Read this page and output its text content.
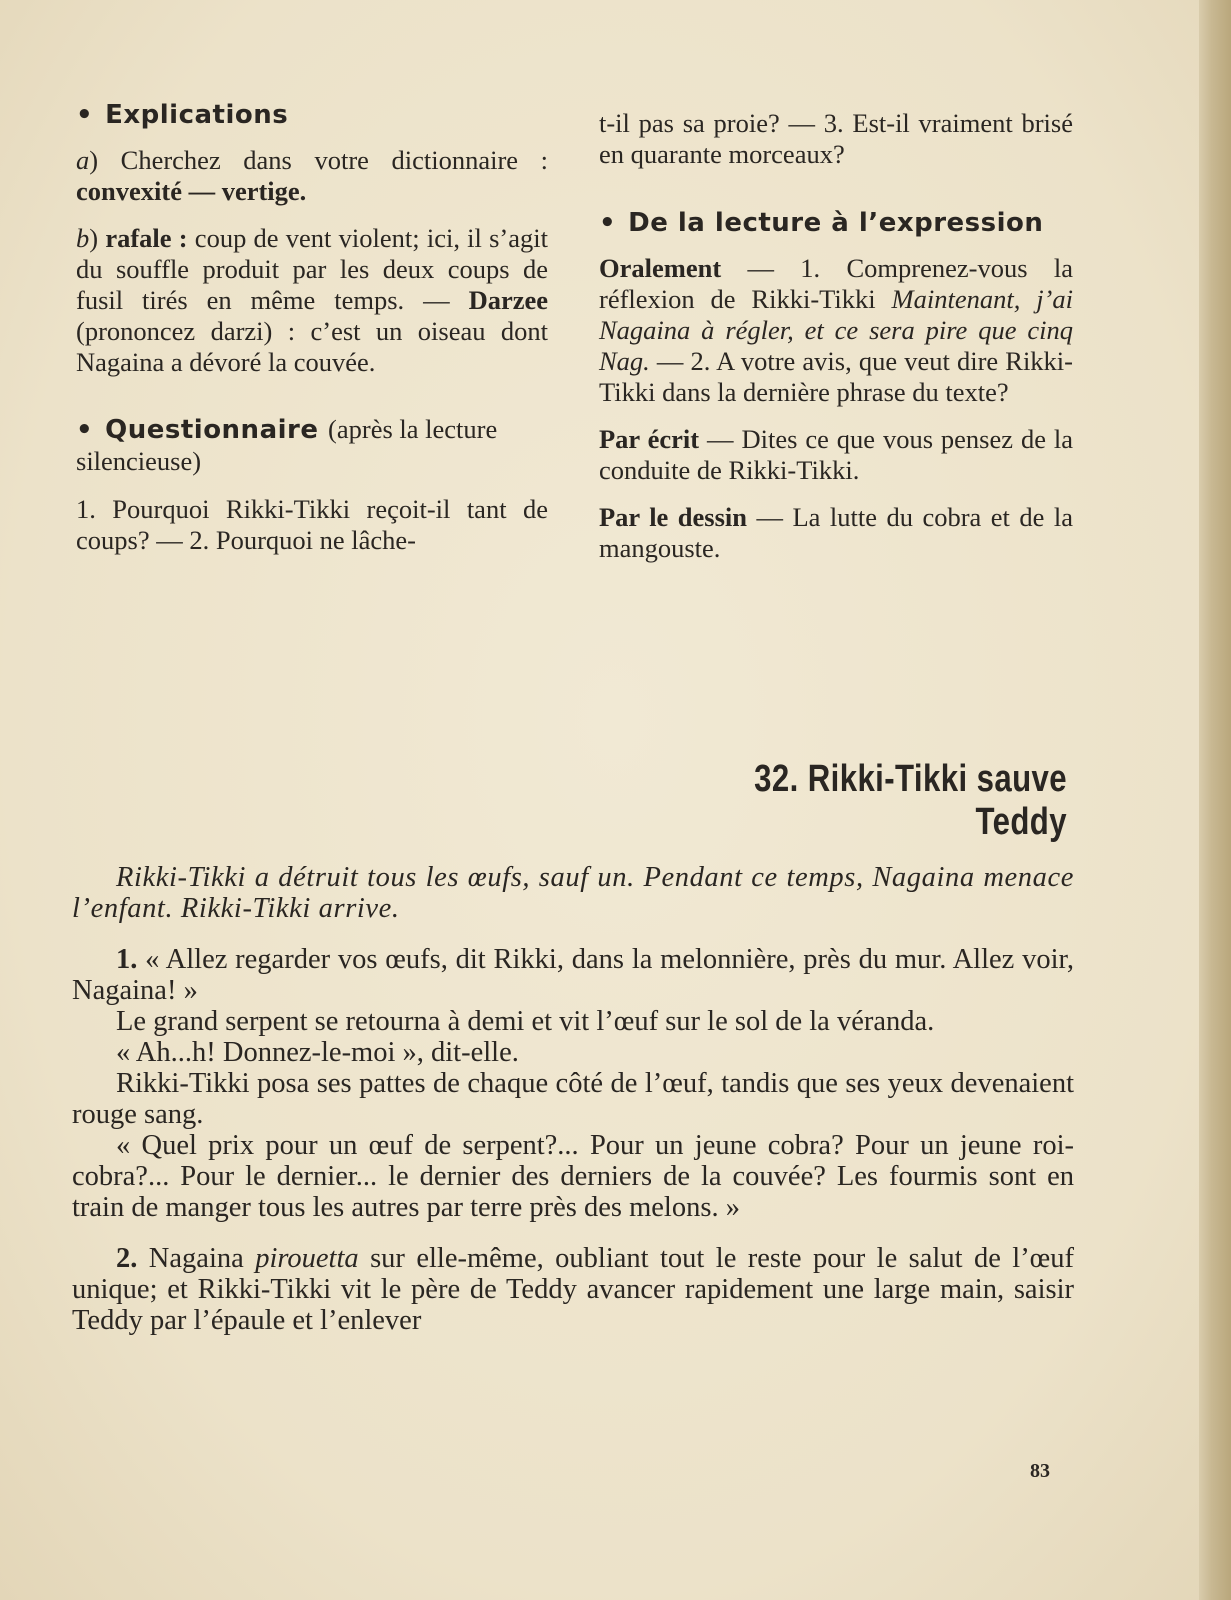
• Explications

a) Cherchez dans votre dictionnaire : convexité — vertige.

b) rafale : coup de vent violent; ici, il s’agit du souffle produit par les deux coups de fusil tirés en même temps. — Darzee (prononcez darzi) : c’est un oiseau dont Nagaina a dévoré la couvée.

• Questionnaire (après la lecture silencieuse)

1. Pourquoi Rikki-Tikki reçoit-il tant de coups? — 2. Pourquoi ne lâche-

t-il pas sa proie? — 3. Est-il vraiment brisé en quarante morceaux?

• De la lecture à l’expression

Oralement — 1. Comprenez-vous la réflexion de Rikki-Tikki Maintenant, j’ai Nagaina à régler, et ce sera pire que cinq Nag. — 2. A votre avis, que veut dire Rikki-Tikki dans la dernière phrase du texte?

Par écrit — Dites ce que vous pensez de la conduite de Rikki-Tikki.

Par le dessin — La lutte du cobra et de la mangouste.

32. Rikki-Tikki sauve Teddy

Rikki-Tikki a détruit tous les œufs, sauf un. Pendant ce temps, Nagaina menace l’enfant. Rikki-Tikki arrive.

1. « Allez regarder vos œufs, dit Rikki, dans la melonnière, près du mur. Allez voir, Nagaina! »

Le grand serpent se retourna à demi et vit l’œuf sur le sol de la véranda.

« Ah...h! Donnez-le-moi », dit-elle.

Rikki-Tikki posa ses pattes de chaque côté de l’œuf, tandis que ses yeux devenaient rouge sang.

« Quel prix pour un œuf de serpent?... Pour un jeune cobra? Pour un jeune roi-cobra?... Pour le dernier... le dernier des derniers de la couvée? Les fourmis sont en train de manger tous les autres par terre près des melons. »

2. Nagaina pirouetta sur elle-même, oubliant tout le reste pour le salut de l’œuf unique; et Rikki-Tikki vit le père de Teddy avancer rapidement une large main, saisir Teddy par l’épaule et l’enlever

83
